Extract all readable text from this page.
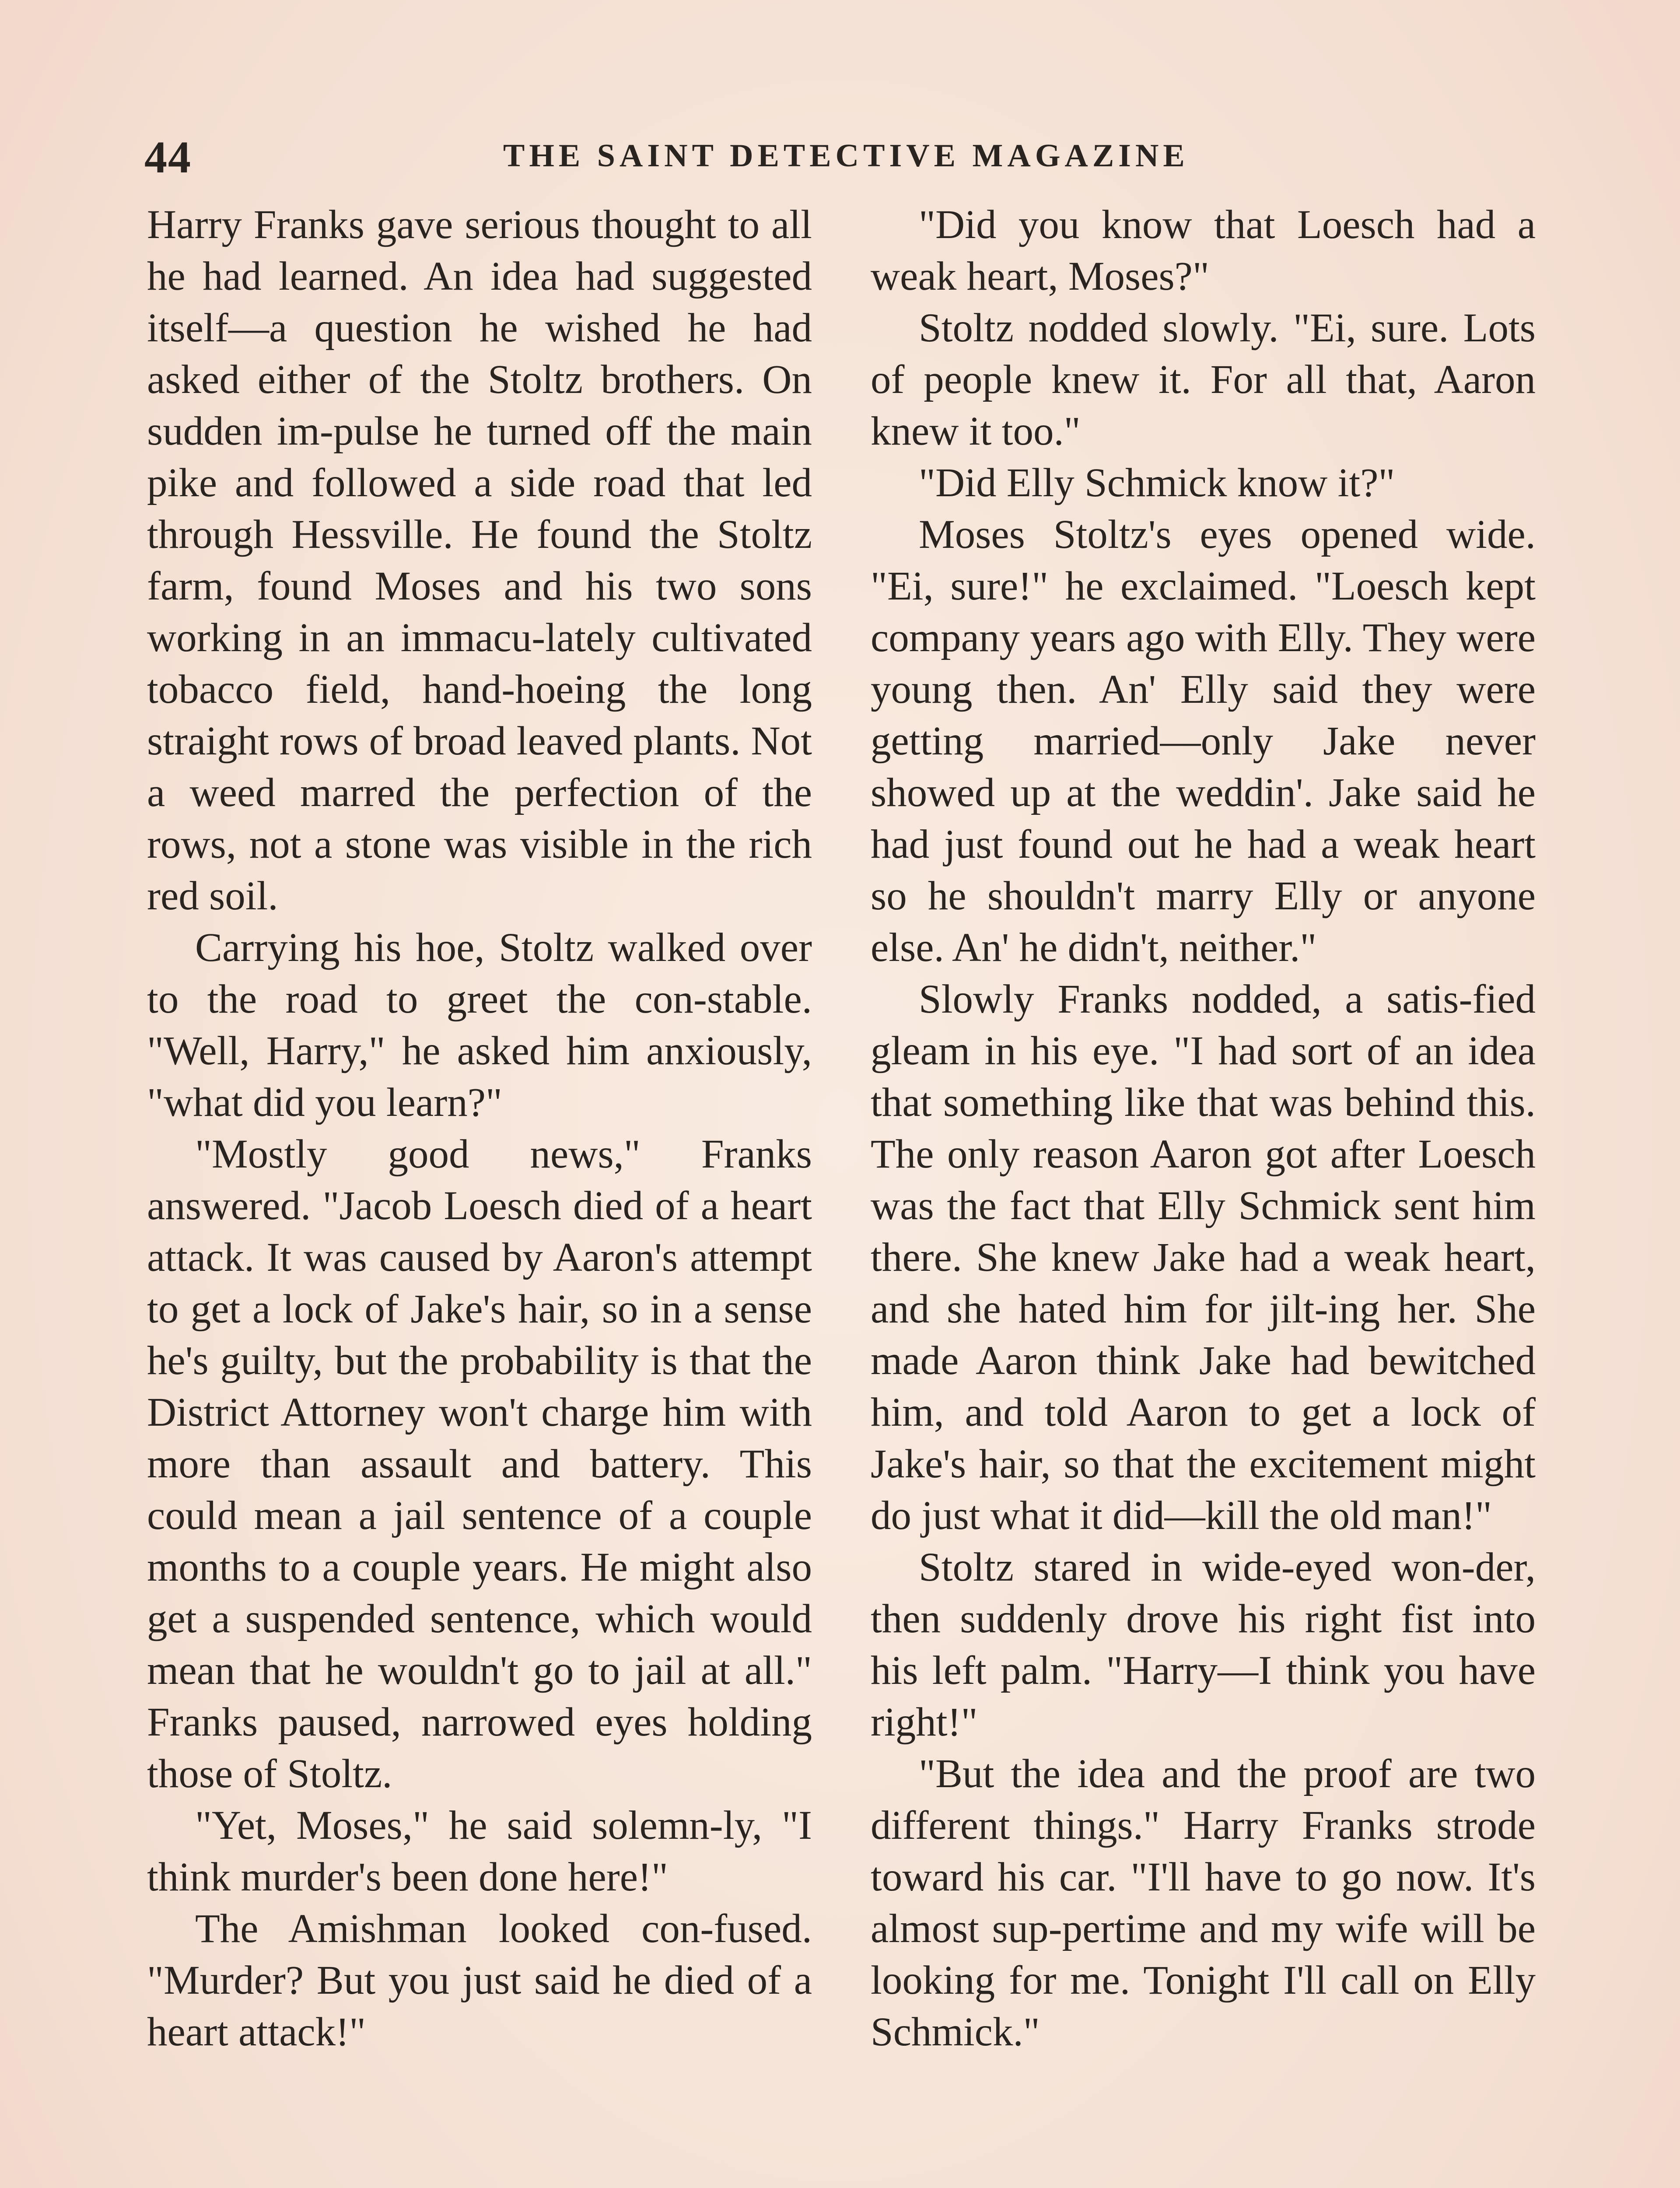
44	THE SAINT DETECTIVE MAGAZINE

Harry Franks gave serious thought to all he had learned. An idea had suggested itself—a question he wished he had asked either of the Stoltz brothers. On sudden im-pulse he turned off the main pike and followed a side road that led through Hessville. He found the Stoltz farm, found Moses and his two sons working in an immacu-lately cultivated tobacco field, hand-hoeing the long straight rows of broad leaved plants. Not a weed marred the perfection of the rows, not a stone was visible in the rich red soil.

Carrying his hoe, Stoltz walked over to the road to greet the con-stable. "Well, Harry," he asked him anxiously, "what did you learn?"

"Mostly good news," Franks answered. "Jacob Loesch died of a heart attack. It was caused by Aaron's attempt to get a lock of Jake's hair, so in a sense he's guilty, but the probability is that the District Attorney won't charge him with more than assault and battery. This could mean a jail sentence of a couple months to a couple years. He might also get a suspended sentence, which would mean that he wouldn't go to jail at all." Franks paused, narrowed eyes holding those of Stoltz.

"Yet, Moses," he said solemn-ly, "I think murder's been done here!"

The Amishman looked con-fused. "Murder? But you just said he died of a heart attack!"

"Did you know that Loesch had a weak heart, Moses?"

Stoltz nodded slowly. "Ei, sure. Lots of people knew it. For all that, Aaron knew it too."

"Did Elly Schmick know it?"

Moses Stoltz's eyes opened wide. "Ei, sure!" he exclaimed. "Loesch kept company years ago with Elly. They were young then. An' Elly said they were getting married—only Jake never showed up at the weddin'. Jake said he had just found out he had a weak heart so he shouldn't marry Elly or anyone else. An' he didn't, neither."

Slowly Franks nodded, a satis-fied gleam in his eye. "I had sort of an idea that something like that was behind this. The only reason Aaron got after Loesch was the fact that Elly Schmick sent him there. She knew Jake had a weak heart, and she hated him for jilt-ing her. She made Aaron think Jake had bewitched him, and told Aaron to get a lock of Jake's hair, so that the excitement might do just what it did—kill the old man!"

Stoltz stared in wide-eyed won-der, then suddenly drove his right fist into his left palm. "Harry—I think you have right!"

"But the idea and the proof are two different things." Harry Franks strode toward his car. "I'll have to go now. It's almost sup-pertime and my wife will be looking for me. Tonight I'll call on Elly Schmick."
